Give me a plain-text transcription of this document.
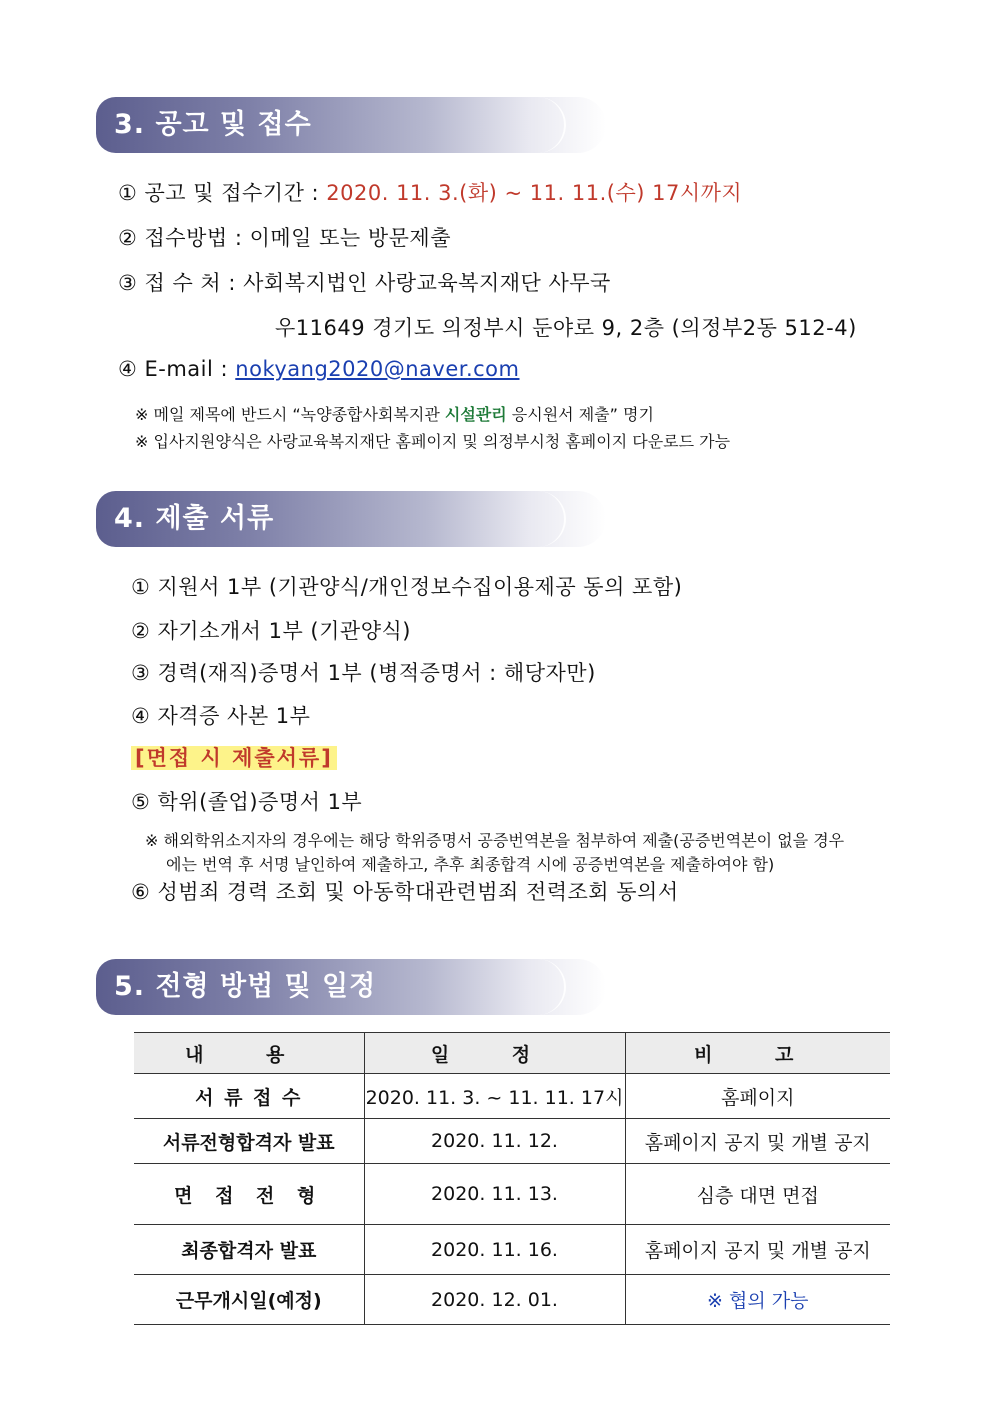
3. 공고 및 접수
① 공고 및 접수기간 : 2020. 11. 3.(화) ~ 11. 11.(수) 17시까지
② 접수방법 : 이메일 또는 방문제출
③ 접 수 처 : 사회복지법인 사랑교육복지재단 사무국
우11649 경기도 의정부시 둔야로 9, 2층 (의정부2동 512-4)
④ E-mail : nokyang2020@naver.com
※ 메일 제목에 반드시 “녹양종합사회복지관 시설관리 응시원서 제출” 명기
※ 입사지원양식은 사랑교육복지재단 홈페이지 및 의정부시청 홈페이지 다운로드 가능
4. 제출 서류
① 지원서 1부 (기관양식/개인정보수집이용제공 동의 포함)
② 자기소개서 1부 (기관양식)
③ 경력(재직)증명서 1부 (병적증명서 : 해당자만)
④ 자격증 사본 1부
[면접 시 제출서류]
⑤ 학위(졸업)증명서 1부
※ 해외학위소지자의 경우에는 해당 학위증명서 공증번역본을 첨부하여 제출(공증번역본이 없을 경우
에는 번역 후 서명 날인하여 제출하고, 추후 최종합격 시에 공증번역본을 제출하여야 함)
⑥ 성범죄 경력 조회 및 아동학대관련범죄 전력조회 동의서
5. 전형 방법 및 일정
내 용	일 정	비 고
서 류 접 수	2020. 11. 3. ~ 11. 11. 17시	홈페이지
서류전형합격자 발표	2020. 11. 12.	홈페이지 공지 및 개별 공지
면 접 전 형	2020. 11. 13.	심층 대면 면접
최종합격자 발표	2020. 11. 16.	홈페이지 공지 및 개별 공지
근무개시일(예정)	2020. 12. 01.	※ 협의 가능
